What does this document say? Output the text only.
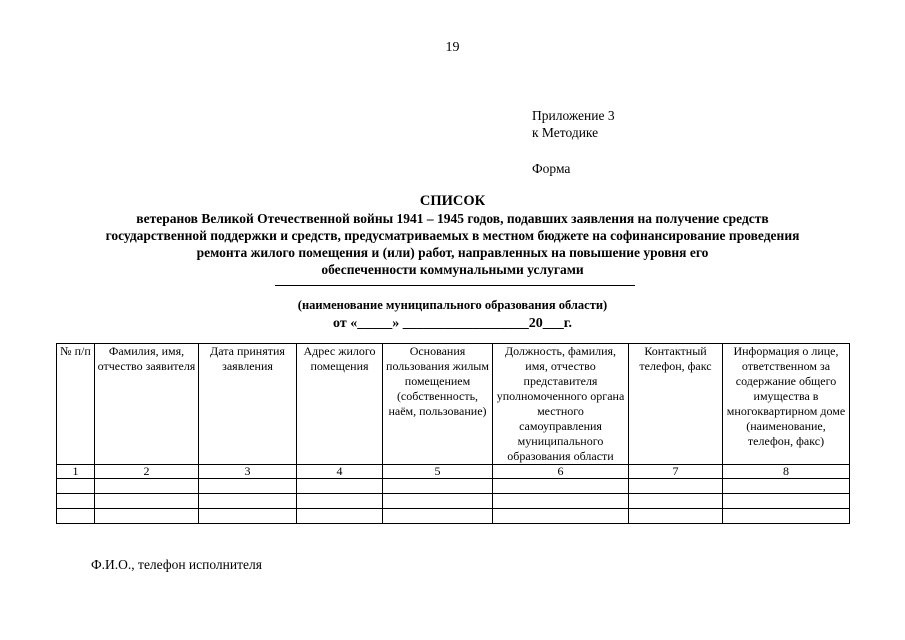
19
Приложение 3
к Методике
Форма
СПИСОК
ветеранов Великой Отечественной войны 1941 – 1945 годов, подавших заявления на получение средств
государственной поддержки и средств, предусматриваемых в местном бюджете на софинансирование проведения
ремонта жилого помещения и (или) работ, направленных на повышение уровня его
обеспеченности коммунальными услугами
(наименование муниципального образования области)
от «_____» __________________20___г.
№ п/п	Фамилия, имя, отчество заявителя	Дата принятия заявления	Адрес жилого помещения	Основания пользования жилым помещением (собственность, наём, пользование)	Должность, фамилия, имя, отчество представителя уполномоченного органа местного самоуправления муниципального образования области	Контактный телефон, факс	Информация о лице, ответственном за содержание общего имущества в многоквартирном доме (наименование, телефон, факс)
1	2	3	4	5	6	7	8

Ф.И.О., телефон исполнителя
